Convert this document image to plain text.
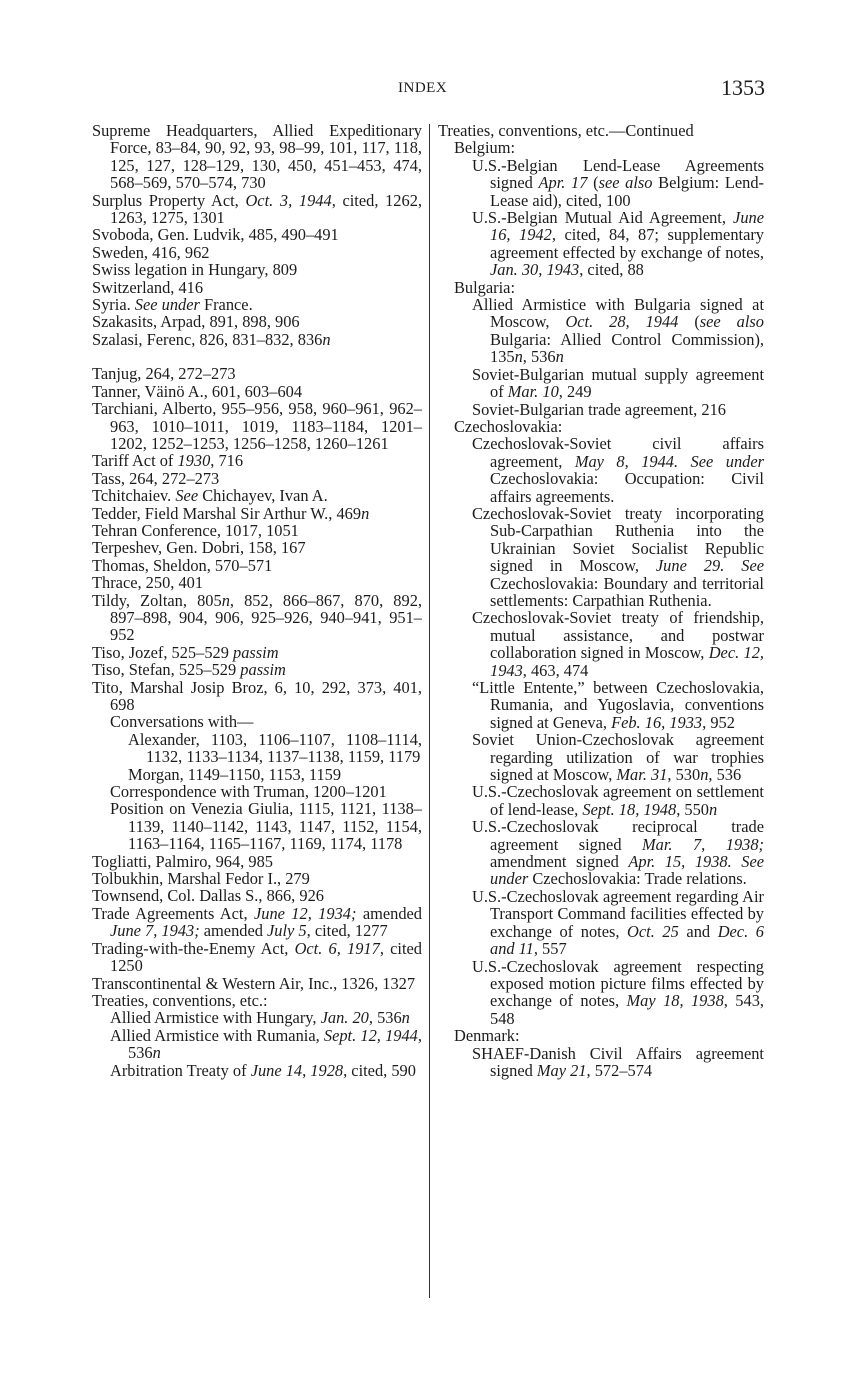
INDEX	1353
Supreme Headquarters, Allied Expeditionary Force, 83–84, 90, 92, 93, 98–99, 101, 117, 118, 125, 127, 128–129, 130, 450, 451–453, 474, 568–569, 570–574, 730
Surplus Property Act, Oct. 3, 1944, cited, 1262, 1263, 1275, 1301
Svoboda, Gen. Ludvik, 485, 490–491
Sweden, 416, 962
Swiss legation in Hungary, 809
Switzerland, 416
Syria. See under France.
Szakasits, Arpad, 891, 898, 906
Szalasi, Ferenc, 826, 831–832, 836n
Tanjug, 264, 272–273
Tanner, Väinö A., 601, 603–604
Tarchiani, Alberto, 955–956, 958, 960–961, 962–963, 1010–1011, 1019, 1183–1184, 1201–1202, 1252–1253, 1256–1258, 1260–1261
Tariff Act of 1930, 716
Tass, 264, 272–273
Tchitchaiev. See Chichayev, Ivan A.
Tedder, Field Marshal Sir Arthur W., 469n
Tehran Conference, 1017, 1051
Terpeshev, Gen. Dobri, 158, 167
Thomas, Sheldon, 570–571
Thrace, 250, 401
Tildy, Zoltan, 805n, 852, 866–867, 870, 892, 897–898, 904, 906, 925–926, 940–941, 951–952
Tiso, Jozef, 525–529 passim
Tiso, Stefan, 525–529 passim
Tito, Marshal Josip Broz, 6, 10, 292, 373, 401, 698
Conversations with—
Alexander, 1103, 1106–1107, 1108–1114, 1132, 1133–1134, 1137–1138, 1159, 1179
Morgan, 1149–1150, 1153, 1159
Correspondence with Truman, 1200–1201
Position on Venezia Giulia, 1115, 1121, 1138–1139, 1140–1142, 1143, 1147, 1152, 1154, 1163–1164, 1165–1167, 1169, 1174, 1178
Togliatti, Palmiro, 964, 985
Tolbukhin, Marshal Fedor I., 279
Townsend, Col. Dallas S., 866, 926
Trade Agreements Act, June 12, 1934; amended June 7, 1943; amended July 5, cited, 1277
Trading-with-the-Enemy Act, Oct. 6, 1917, cited 1250
Transcontinental & Western Air, Inc., 1326, 1327
Treaties, conventions, etc.:
Allied Armistice with Hungary, Jan. 20, 536n
Allied Armistice with Rumania, Sept. 12, 1944, 536n
Arbitration Treaty of June 14, 1928, cited, 590
Treaties, conventions, etc.—Continued
Belgium:
U.S.-Belgian Lend-Lease Agreements signed Apr. 17 (see also Belgium: Lend-Lease aid), cited, 100
U.S.-Belgian Mutual Aid Agreement, June 16, 1942, cited, 84, 87; supplementary agreement effected by exchange of notes, Jan. 30, 1943, cited, 88
Bulgaria:
Allied Armistice with Bulgaria signed at Moscow, Oct. 28, 1944 (see also Bulgaria: Allied Control Commission), 135n, 536n
Soviet-Bulgarian mutual supply agreement of Mar. 10, 249
Soviet-Bulgarian trade agreement, 216
Czechoslovakia:
Czechoslovak-Soviet civil affairs agreement, May 8, 1944. See under Czechoslovakia: Occupation: Civil affairs agreements.
Czechoslovak-Soviet treaty incorporating Sub-Carpathian Ruthenia into the Ukrainian Soviet Socialist Republic signed in Moscow, June 29. See Czechoslovakia: Boundary and territorial settlements: Carpathian Ruthenia.
Czechoslovak-Soviet treaty of friendship, mutual assistance, and postwar collaboration signed in Moscow, Dec. 12, 1943, 463, 474
“Little Entente,” between Czechoslovakia, Rumania, and Yugoslavia, conventions signed at Geneva, Feb. 16, 1933, 952
Soviet Union-Czechoslovak agreement regarding utilization of war trophies signed at Moscow, Mar. 31, 530n, 536
U.S.-Czechoslovak agreement on settlement of lend-lease, Sept. 18, 1948, 550n
U.S.-Czechoslovak reciprocal trade agreement signed Mar. 7, 1938; amendment signed Apr. 15, 1938. See under Czechoslovakia: Trade relations.
U.S.-Czechoslovak agreement regarding Air Transport Command facilities effected by exchange of notes, Oct. 25 and Dec. 6 and 11, 557
U.S.-Czechoslovak agreement respecting exposed motion picture films effected by exchange of notes, May 18, 1938, 543, 548
Denmark:
SHAEF-Danish Civil Affairs agreement signed May 21, 572–574
